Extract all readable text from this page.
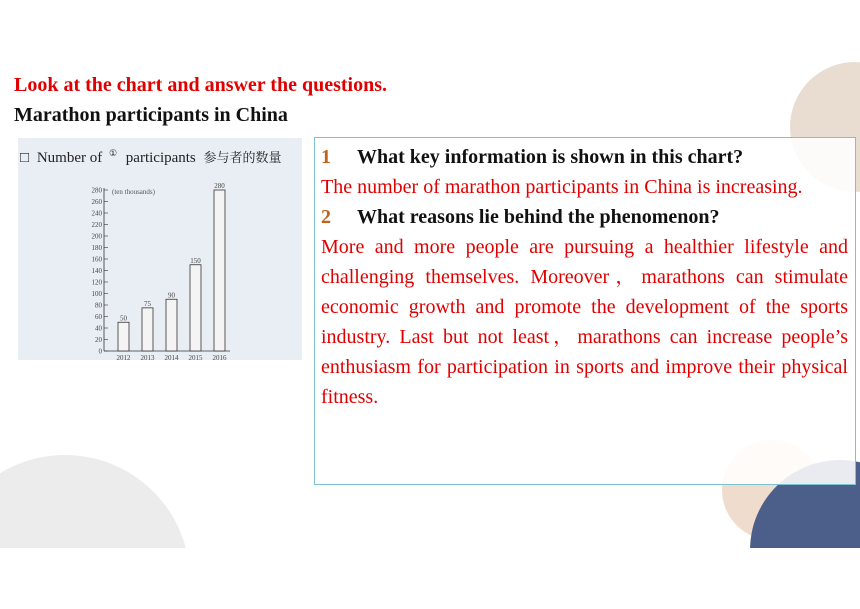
Look at the chart and answer the questions.
Marathon participants in China
□ Number of ① participants 参与者的数量
(ten thousands)
0
20
40
60
80
100
120
140
160
180
200
220
240
260
280
50
2012
75
2013
90
2014
150
2015
280
2016
1 What key information is shown in this chart?

The number of marathon participants in China is increasing.

2 What reasons lie behind the phenomenon?

More and more people are pursuing a healthier lifestyle and challenging themselves. Moreover，marathons can stimulate economic growth and promote the development of the sports industry. Last but not least，marathons can increase people’s enthusiasm for participation in sports and improve their physical fitness.
